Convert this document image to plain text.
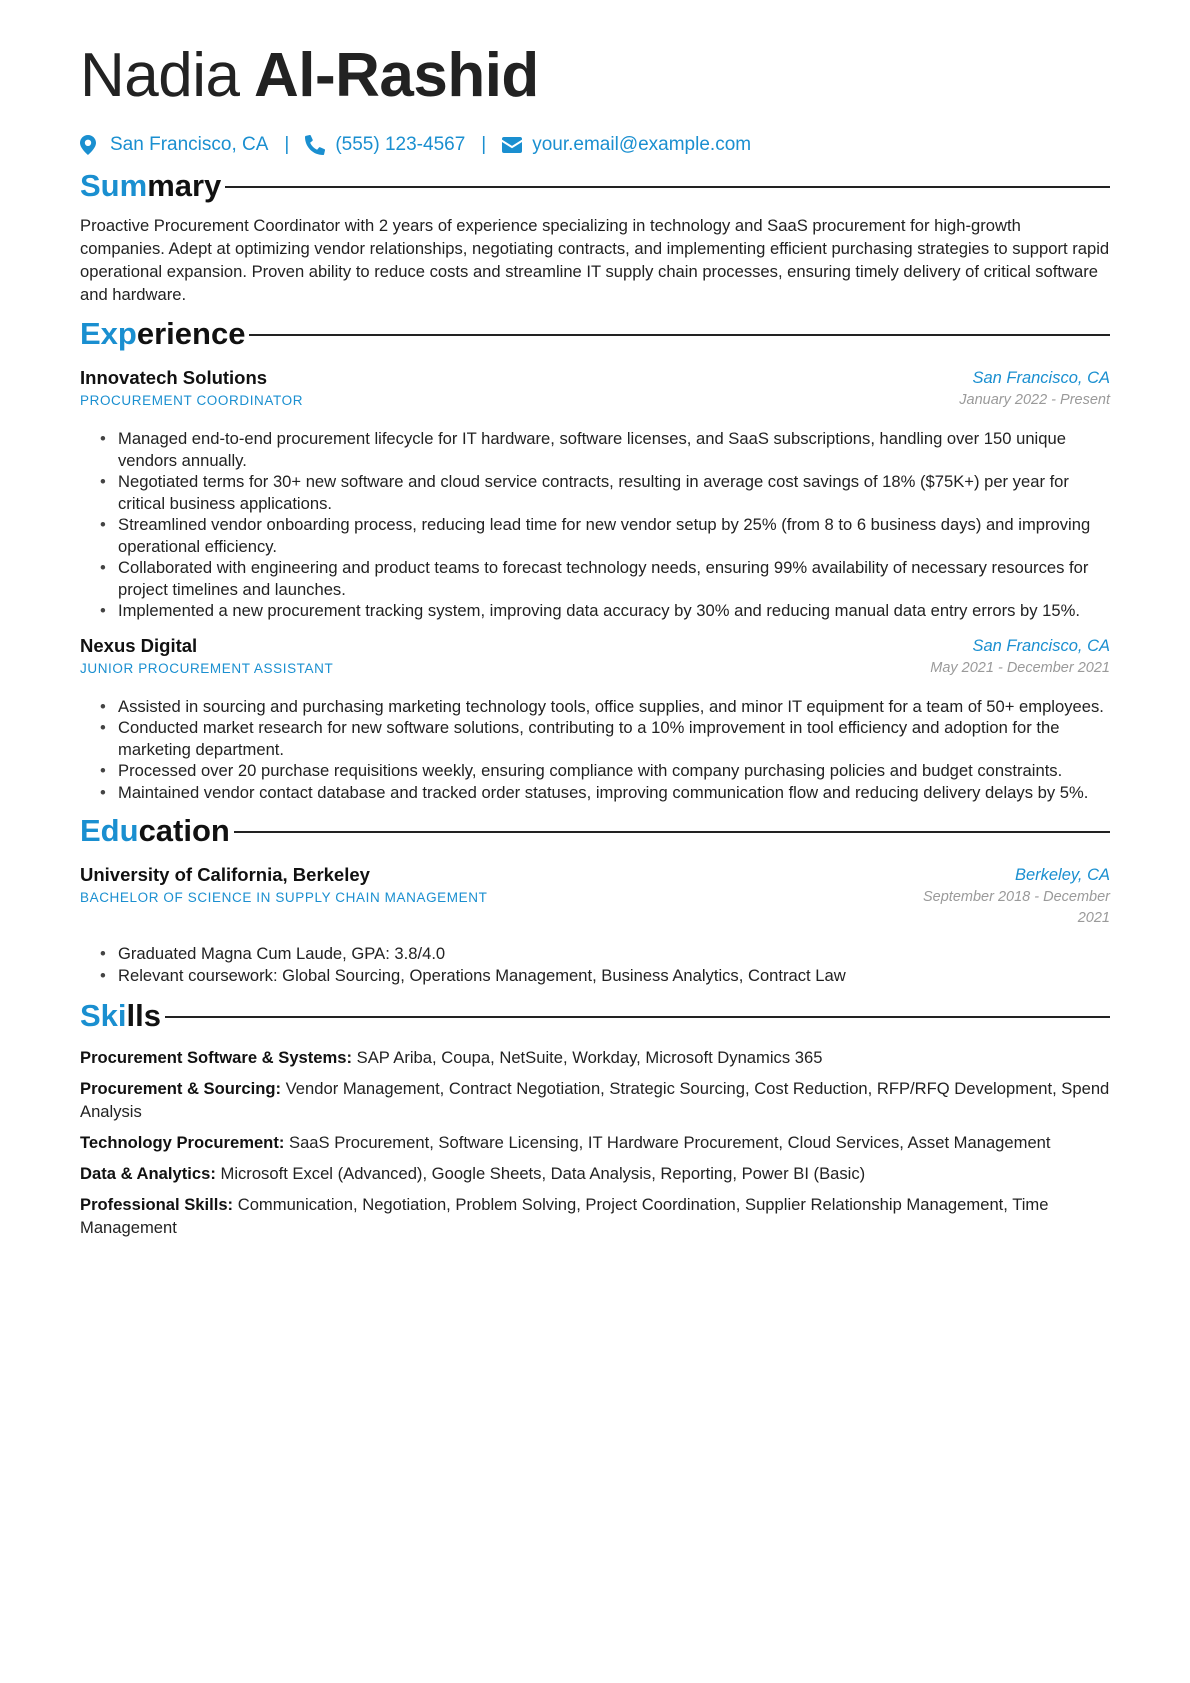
Nadia Al-Rashid
San Francisco, CA | (555) 123-4567 | your.email@example.com
Summary

Proactive Procurement Coordinator with 2 years of experience specializing in technology and SaaS procurement for high-growth companies. Adept at optimizing vendor relationships, negotiating contracts, and implementing efficient purchasing strategies to support rapid operational expansion. Proven ability to reduce costs and streamline IT supply chain processes, ensuring timely delivery of critical software and hardware.

Experience
Innovatech Solutions	San Francisco, CA
PROCUREMENT COORDINATOR	January 2022 - Present
• Managed end-to-end procurement lifecycle for IT hardware, software licenses, and SaaS subscriptions, handling over 150 unique vendors annually.
• Negotiated terms for 30+ new software and cloud service contracts, resulting in average cost savings of 18% ($75K+) per year for critical business applications.
• Streamlined vendor onboarding process, reducing lead time for new vendor setup by 25% (from 8 to 6 business days) and improving operational efficiency.
• Collaborated with engineering and product teams to forecast technology needs, ensuring 99% availability of necessary resources for project timelines and launches.
• Implemented a new procurement tracking system, improving data accuracy by 30% and reducing manual data entry errors by 15%.
Nexus Digital	San Francisco, CA
JUNIOR PROCUREMENT ASSISTANT	May 2021 - December 2021
• Assisted in sourcing and purchasing marketing technology tools, office supplies, and minor IT equipment for a team of 50+ employees.
• Conducted market research for new software solutions, contributing to a 10% improvement in tool efficiency and adoption for the marketing department.
• Processed over 20 purchase requisitions weekly, ensuring compliance with company purchasing policies and budget constraints.
• Maintained vendor contact database and tracked order statuses, improving communication flow and reducing delivery delays by 5%.
Education
University of California, Berkeley	Berkeley, CA
BACHELOR OF SCIENCE IN SUPPLY CHAIN MANAGEMENT	September 2018 - December 2021
• Graduated Magna Cum Laude, GPA: 3.8/4.0
• Relevant coursework: Global Sourcing, Operations Management, Business Analytics, Contract Law
Skills

Procurement Software & Systems: SAP Ariba, Coupa, NetSuite, Workday, Microsoft Dynamics 365

Procurement & Sourcing: Vendor Management, Contract Negotiation, Strategic Sourcing, Cost Reduction, RFP/RFQ Development, Spend Analysis

Technology Procurement: SaaS Procurement, Software Licensing, IT Hardware Procurement, Cloud Services, Asset Management

Data & Analytics: Microsoft Excel (Advanced), Google Sheets, Data Analysis, Reporting, Power BI (Basic)

Professional Skills: Communication, Negotiation, Problem Solving, Project Coordination, Supplier Relationship Management, Time Management
